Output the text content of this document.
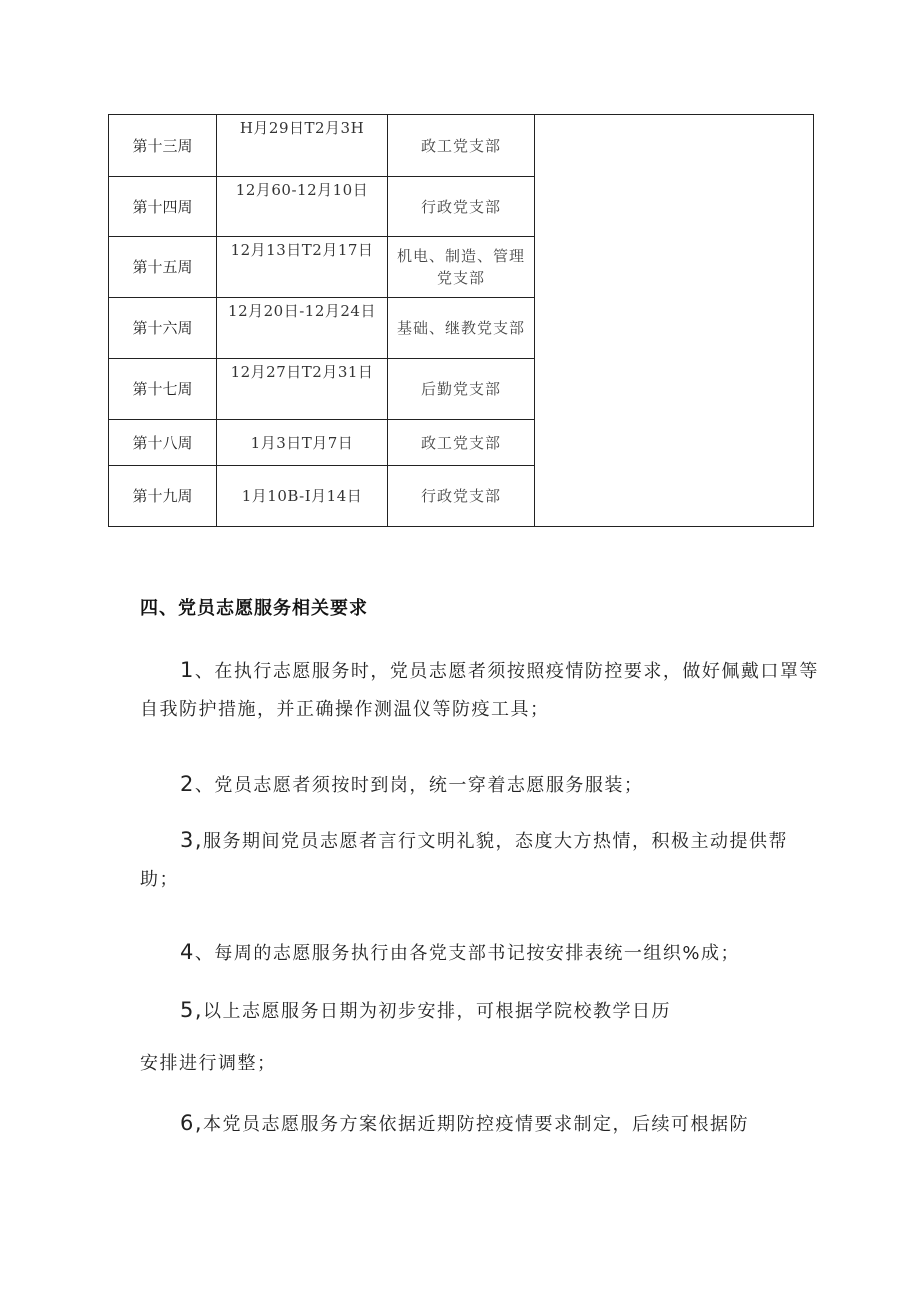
第十三周	H月29日T2月3H	政工党支部	
第十四周	12月60-12月10日	行政党支部	
第十五周	12月13日T2月17日	机电、制造、管理党支部	
第十六周	12月20日-12月24日	基础、继教党支部	
第十七周	12月27日T2月31日	后勤党支部	
第十八周	1月3日T月7日	政工党支部	
第十九周	1月10B-I月14日	行政党支部	
四、党员志愿服务相关要求
1、在执行志愿服务时，党员志愿者须按照疫情防控要求，做好佩戴口罩等自我防护措施，并正确操作测温仪等防疫工具；
2、党员志愿者须按时到岗，统一穿着志愿服务服装；
3,服务期间党员志愿者言行文明礼貌，态度大方热情，积极主动提供帮助；
4、每周的志愿服务执行由各党支部书记按安排表统一组织%成；
5,以上志愿服务日期为初步安排，可根据学院校教学日历
安排进行调整；
6,本党员志愿服务方案依据近期防控疫情要求制定，后续可根据防
